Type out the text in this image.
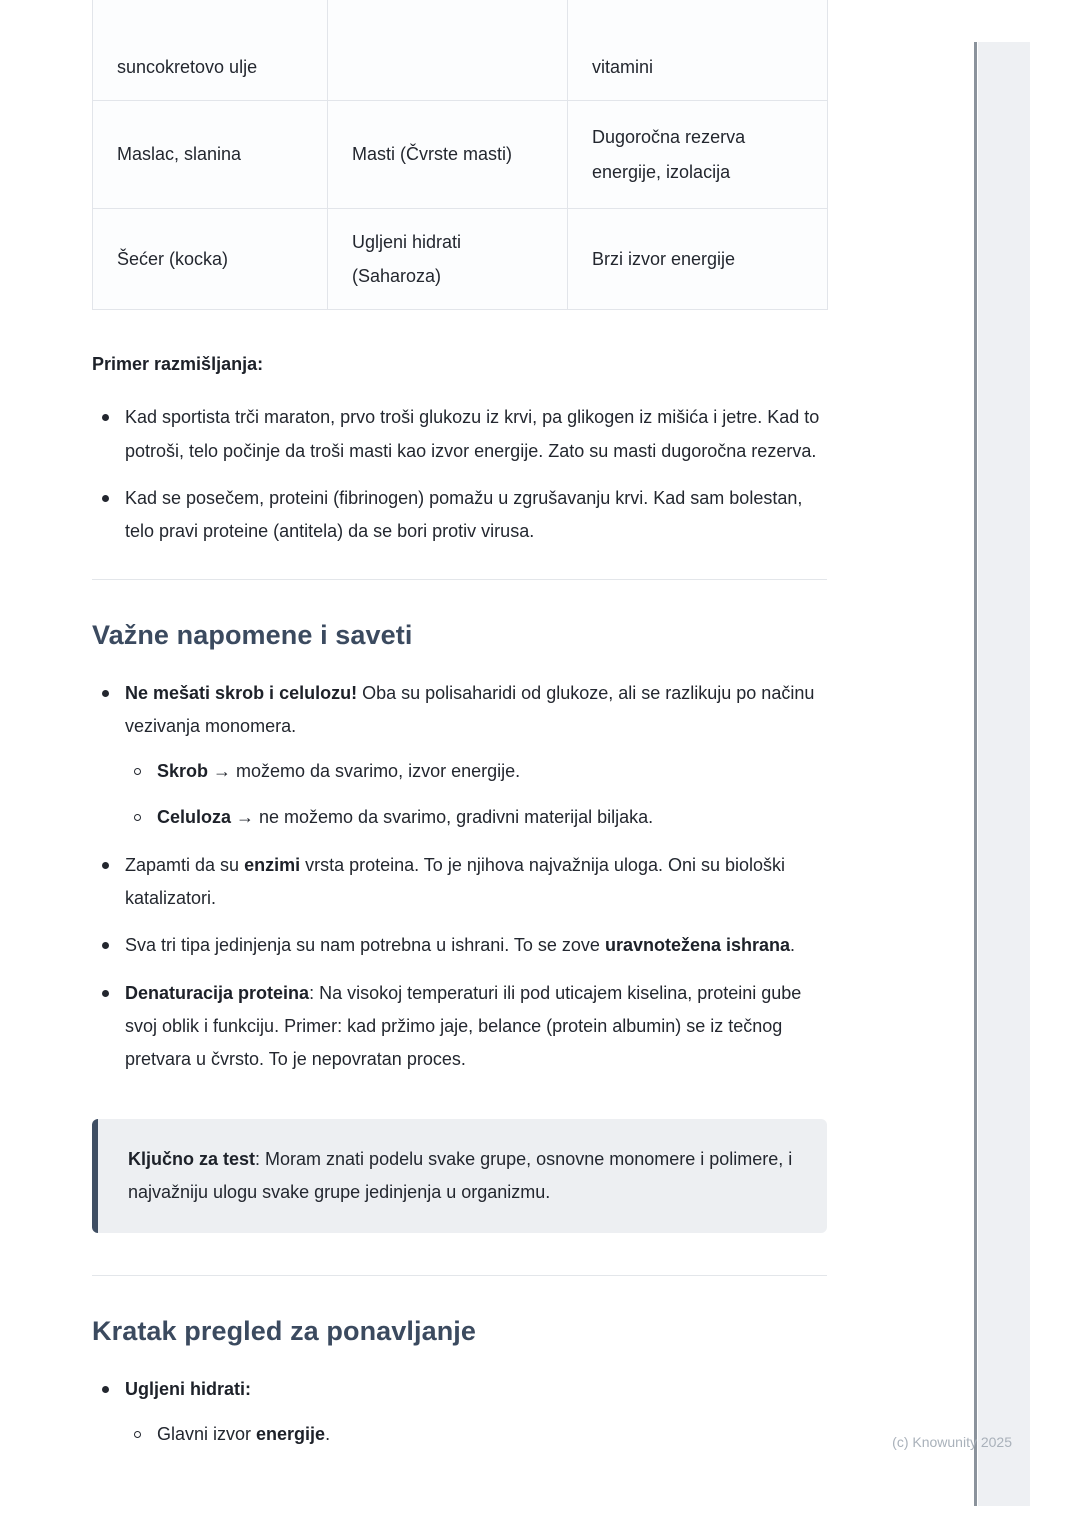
suncokretovo ulje		vitamini
Maslac, slanina	Masti (Čvrste masti)	Dugoročna rezerva energije, izolacija
Šećer (kocka)	Ugljeni hidrati (Saharoza)	Brzi izvor energije

Primer razmišljanja:

Kad sportista trči maraton, prvo troši glukozu iz krvi, pa glikogen iz mišića i jetre. Kad to potroši, telo počinje da troši masti kao izvor energije. Zato su masti dugoročna rezerva.
Kad se posečem, proteini (fibrinogen) pomažu u zgrušavanju krvi. Kad sam bolestan, telo pravi proteine (antitela) da se bori protiv virusa.
Važne napomene i saveti
Ne mešati skrob i celulozu! Oba su polisaharidi od glukoze, ali se razlikuju po načinu vezivanja monomera.
Skrob → možemo da svarimo, izvor energije.
Celuloza → ne možemo da svarimo, gradivni materijal biljaka.
Zapamti da su enzimi vrsta proteina. To je njihova najvažnija uloga. Oni su biološki katalizatori.
Sva tri tipa jedinjenja su nam potrebna u ishrani. To se zove uravnotežena ishrana.
Denaturacija proteina: Na visokoj temperaturi ili pod uticajem kiselina, proteini gube svoj oblik i funkciju. Primer: kad pržimo jaje, belance (protein albumin) se iz tečnog pretvara u čvrsto. To je nepovratan proces.
Ključno za test: Moram znati podelu svake grupe, osnovne monomere i polimere, i najvažniju ulogu svake grupe jedinjenja u organizmu.
Kratak pregled za ponavljanje
Ugljeni hidrati:
Glavni izvor energije.	(c) Knowunity 2025
